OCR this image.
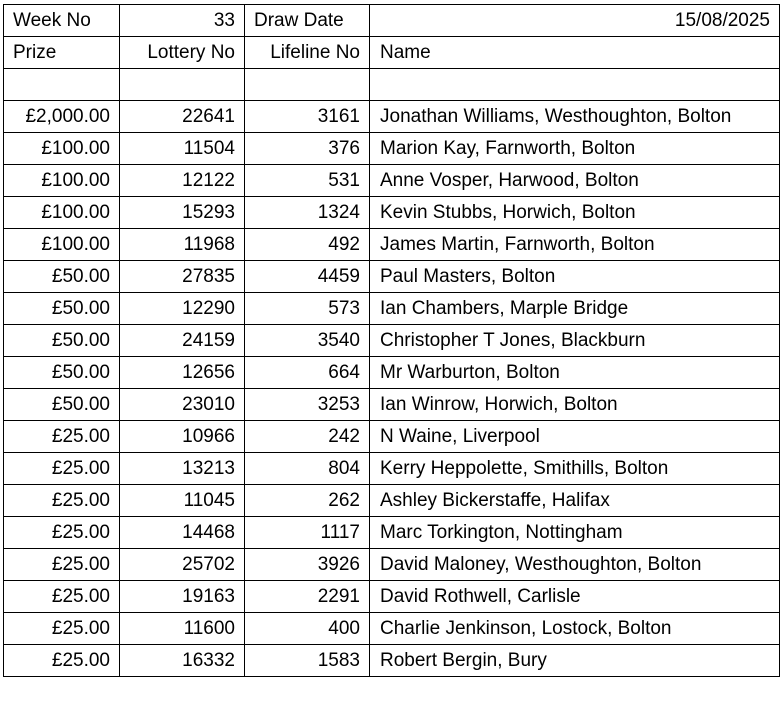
Week No	33	Draw Date	15/08/2025
Prize	Lottery No	Lifeline No	Name

£2,000.00	22641	3161	Jonathan Williams, Westhoughton, Bolton
£100.00	11504	376	Marion Kay, Farnworth, Bolton
£100.00	12122	531	Anne Vosper, Harwood, Bolton
£100.00	15293	1324	Kevin Stubbs, Horwich, Bolton
£100.00	11968	492	James Martin, Farnworth, Bolton
£50.00	27835	4459	Paul Masters, Bolton
£50.00	12290	573	Ian Chambers, Marple Bridge
£50.00	24159	3540	Christopher T Jones, Blackburn
£50.00	12656	664	Mr Warburton, Bolton
£50.00	23010	3253	Ian Winrow, Horwich, Bolton
£25.00	10966	242	N Waine, Liverpool
£25.00	13213	804	Kerry Heppolette, Smithills, Bolton
£25.00	11045	262	Ashley Bickerstaffe, Halifax
£25.00	14468	1117	Marc Torkington, Nottingham
£25.00	25702	3926	David Maloney, Westhoughton, Bolton
£25.00	19163	2291	David Rothwell, Carlisle
£25.00	11600	400	Charlie Jenkinson, Lostock, Bolton
£25.00	16332	1583	Robert Bergin, Bury
